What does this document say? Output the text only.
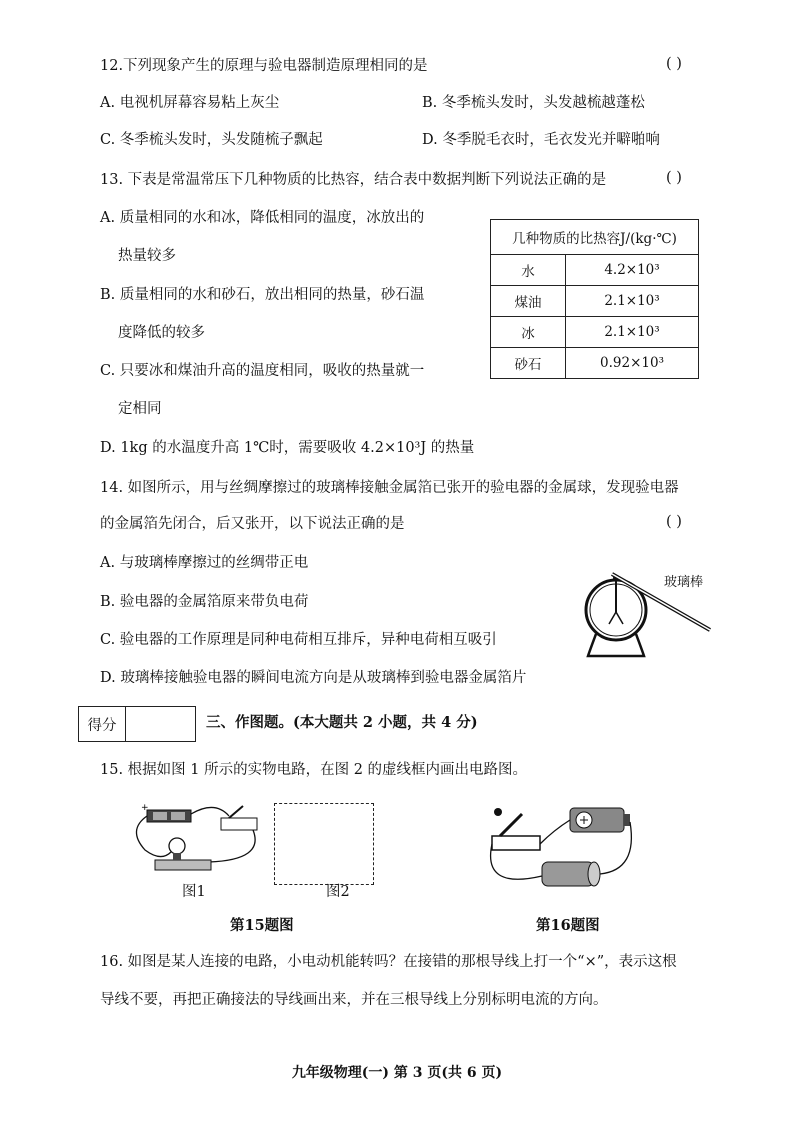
12.下列现象产生的原理与验电器制造原理相同的是	( )
A. 电视机屏幕容易粘上灰尘	B. 冬季梳头发时，头发越梳越蓬松
C. 冬季梳头发时，头发随梳子飘起	D. 冬季脱毛衣时，毛衣发光并噼啪响
13. 下表是常温常压下几种物质的比热容，结合表中数据判断下列说法正确的是	( )
A. 质量相同的水和冰，降低相同的温度，冰放出的
热量较多
B. 质量相同的水和砂石，放出相同的热量，砂石温
度降低的较多
C. 只要冰和煤油升高的温度相同，吸收的热量就一
定相同
D. 1kg 的水温度升高 1℃时，需要吸收 4.2×10³J 的热量
几种物质的比热容J/(kg·℃)	
水	4.2×10³
煤油	2.1×10³
冰	2.1×10³
砂石	0.92×10³
14. 如图所示，用与丝绸摩擦过的玻璃棒接触金属箔已张开的验电器的金属球，发现验电器
的金属箔先闭合，后又张开，以下说法正确的是	( )
A. 与玻璃棒摩擦过的丝绸带正电
B. 验电器的金属箔原来带负电荷
C. 验电器的工作原理是同种电荷相互排斥，异种电荷相互吸引
D. 玻璃棒接触验电器的瞬间电流方向是从玻璃棒到验电器金属箔片
玻璃棒
得分	三、作图题。(本大题共 2 小题，共 4 分)
15. 根据如图 1 所示的实物电路，在图 2 的虚线框内画出电路图。
+
图1	图2
第15题图	第16题图
16. 如图是某人连接的电路，小电动机能转吗？在接错的那根导线上打一个“×”，表示这根
导线不要，再把正确接法的导线画出来，并在三根导线上分别标明电流的方向。
九年级物理(一) 第 3 页(共 6 页)
